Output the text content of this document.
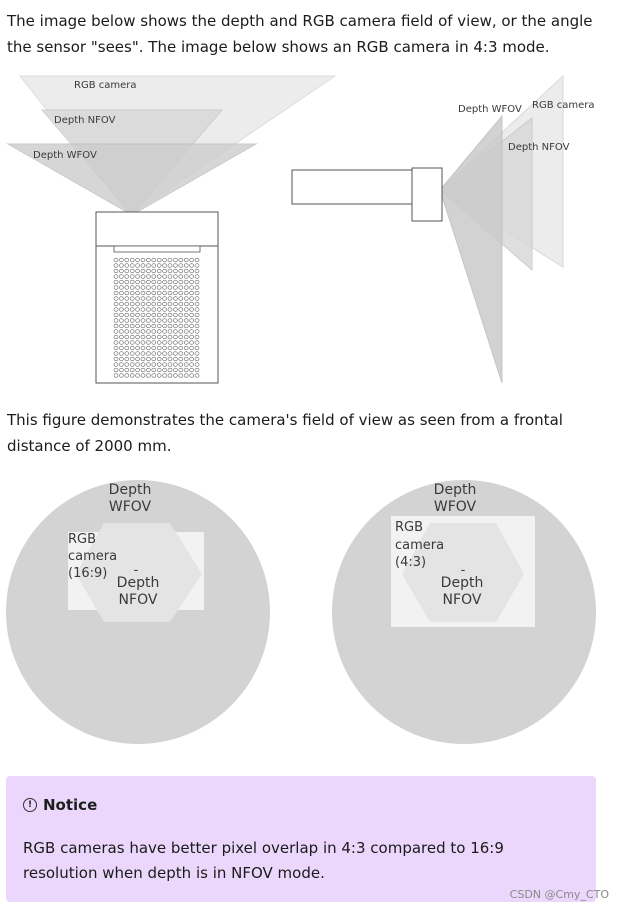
The image below shows the depth and RGB camera field of view, or the angle the sensor "sees". The image below shows an RGB camera in 4:3 mode.

RGB camera
Depth NFOV
Depth WFOV
Depth WFOV RGB camera
Depth NFOV
Depth
WFOV
RGB
camera
(16:9) -
Depth
NFOV
Depth
WFOV
RGB
camera
(4:3)
-
Depth
NFOV

This figure demonstrates the camera's field of view as seen from a frontal distance of 2000 mm.

! Notice

RGB cameras have better pixel overlap in 4:3 compared to 16:9 resolution when depth is in NFOV mode.

CSDN @Cmy_CTO
